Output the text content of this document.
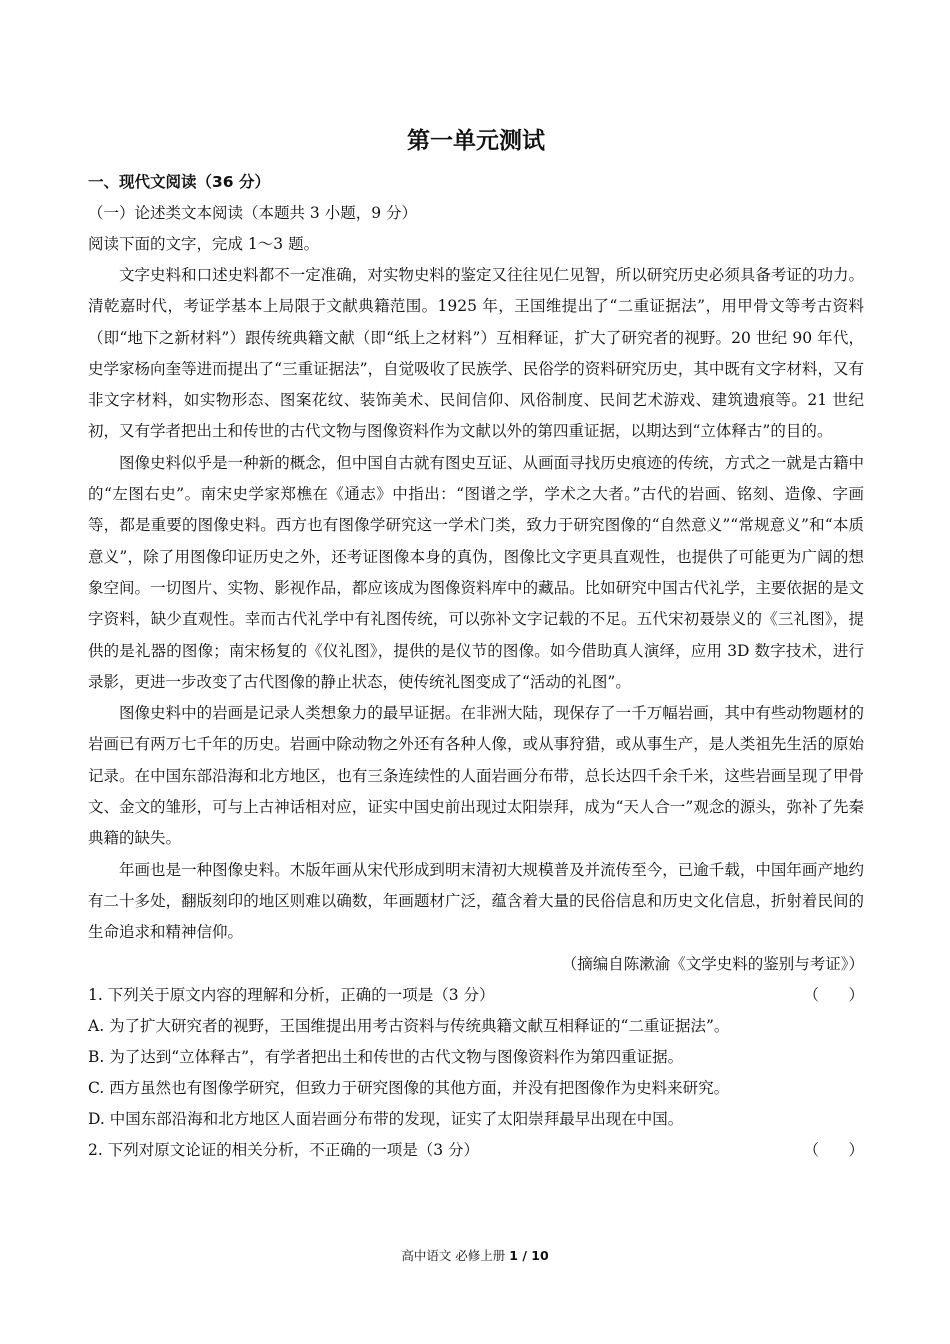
第一单元测试

一、现代文阅读（36 分）

（一）论述类文本阅读（本题共 3 小题，9 分）

阅读下面的文字，完成 1～3 题。

文字史料和口述史料都不一定准确，对实物史料的鉴定又往往见仁见智，所以研究历史必须具备考证的功力。清乾嘉时代，考证学基本上局限于文献典籍范围。1925 年，王国维提出了“二重证据法”，用甲骨文等考古资料（即“地下之新材料”）跟传统典籍文献（即“纸上之材料”）互相释证，扩大了研究者的视野。20 世纪 90 年代，史学家杨向奎等进而提出了“三重证据法”，自觉吸收了民族学、民俗学的资料研究历史，其中既有文字材料，又有非文字材料，如实物形态、图案花纹、装饰美术、民间信仰、风俗制度、民间艺术游戏、建筑遗痕等。21 世纪初，又有学者把出土和传世的古代文物与图像资料作为文献以外的第四重证据，以期达到“立体释古”的目的。

图像史料似乎是一种新的概念，但中国自古就有图史互证、从画面寻找历史痕迹的传统，方式之一就是古籍中的“左图右史”。南宋史学家郑樵在《通志》中指出：“图谱之学，学术之大者。”古代的岩画、铭刻、造像、字画等，都是重要的图像史料。西方也有图像学研究这一学术门类，致力于研究图像的“自然意义”“常规意义”和“本质意义”，除了用图像印证历史之外，还考证图像本身的真伪，图像比文字更具直观性，也提供了可能更为广阔的想象空间。一切图片、实物、影视作品，都应该成为图像资料库中的藏品。比如研究中国古代礼学，主要依据的是文字资料，缺少直观性。幸而古代礼学中有礼图传统，可以弥补文字记载的不足。五代宋初聂崇义的《三礼图》，提供的是礼器的图像；南宋杨复的《仪礼图》，提供的是仪节的图像。如今借助真人演绎，应用 3D 数字技术，进行录影，更进一步改变了古代图像的静止状态，使传统礼图变成了“活动的礼图”。

图像史料中的岩画是记录人类想象力的最早证据。在非洲大陆，现保存了一千万幅岩画，其中有些动物题材的岩画已有两万七千年的历史。岩画中除动物之外还有各种人像，或从事狩猎，或从事生产，是人类祖先生活的原始记录。在中国东部沿海和北方地区，也有三条连续性的人面岩画分布带，总长达四千余千米，这些岩画呈现了甲骨文、金文的雏形，可与上古神话相对应，证实中国史前出现过太阳崇拜，成为“天人合一”观念的源头，弥补了先秦典籍的缺失。

年画也是一种图像史料。木版年画从宋代形成到明末清初大规模普及并流传至今，已逾千载，中国年画产地约有二十多处，翻版刻印的地区则难以确数，年画题材广泛，蕴含着大量的民俗信息和历史文化信息，折射着民间的生命追求和精神信仰。

（摘编自陈漱渝《文学史料的鉴别与考证》）

1. 下列关于原文内容的理解和分析，正确的一项是（3 分）	（      ）

A. 为了扩大研究者的视野，王国维提出用考古资料与传统典籍文献互相释证的“二重证据法”。

B. 为了达到“立体释古”，有学者把出土和传世的古代文物与图像资料作为第四重证据。

C. 西方虽然也有图像学研究，但致力于研究图像的其他方面，并没有把图像作为史料来研究。

D. 中国东部沿海和北方地区人面岩画分布带的发现，证实了太阳崇拜最早出现在中国。

2. 下列对原文论证的相关分析，不正确的一项是（3 分）	（      ）
高中语文 必修上册 1 / 10
